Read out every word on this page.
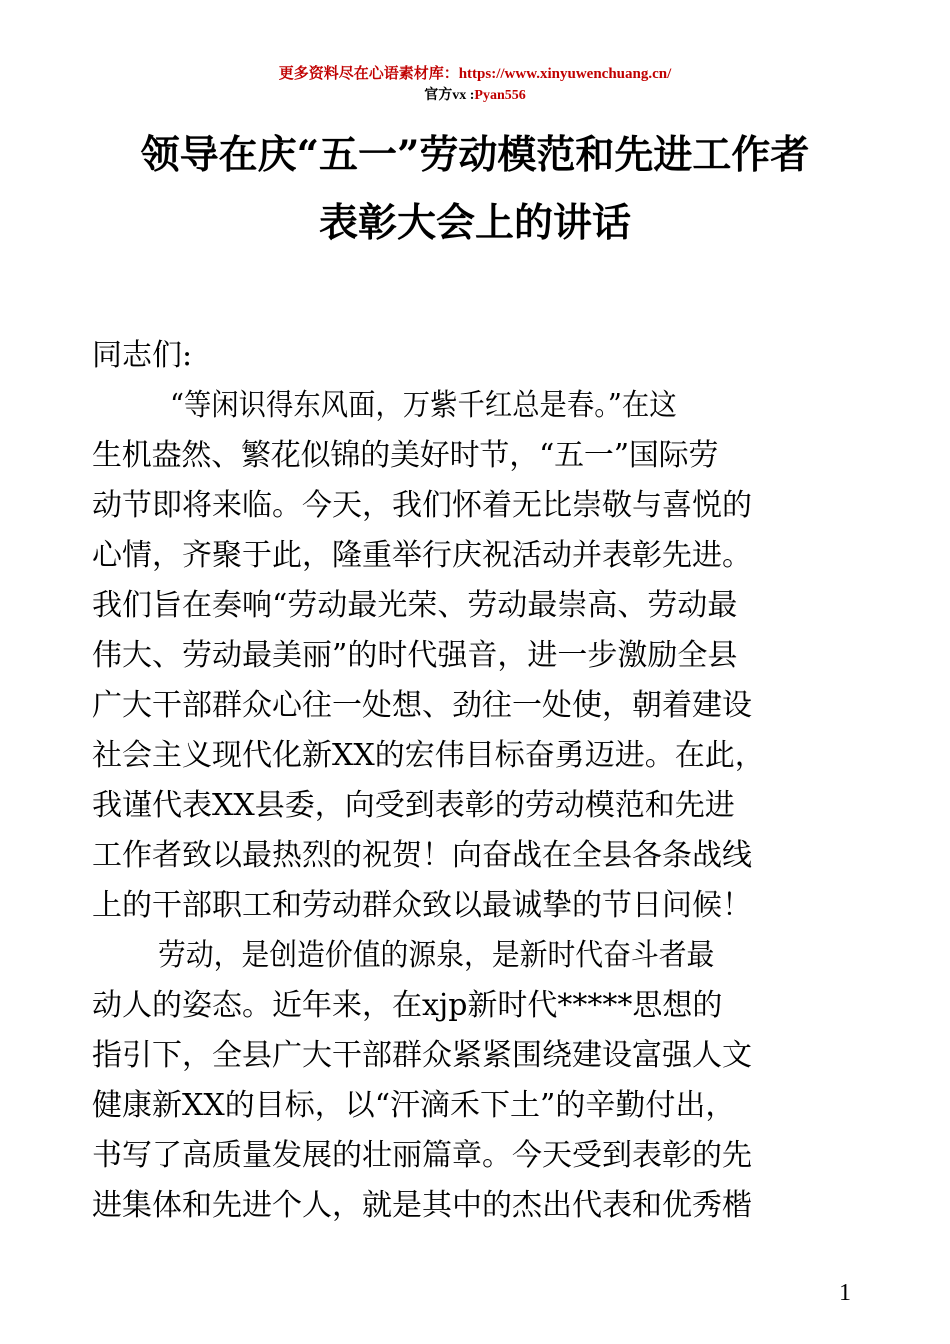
更多资料尽在心语素材库：https://www.xinyuwenchuang.cn/
官方vx :Pyan556
领导在庆“五一”劳动模范和先进工作者
表彰大会上的讲话
同志们:
“等闲识得东风面，万紫千红总是春。”在这
生机盎然、繁花似锦的美好时节，“五一”国际劳
动节即将来临。今天，我们怀着无比崇敬与喜悦的
心情，齐聚于此，隆重举行庆祝活动并表彰先进。
我们旨在奏响“劳动最光荣、劳动最崇高、劳动最
伟大、劳动最美丽”的时代强音，进一步激励全县
广大干部群众心往一处想、劲往一处使，朝着建设
社会主义现代化新XX的宏伟目标奋勇迈进。在此，
我谨代表XX县委，向受到表彰的劳动模范和先进
工作者致以最热烈的祝贺！向奋战在全县各条战线
上的干部职工和劳动群众致以最诚挚的节日问候！
劳动，是创造价值的源泉，是新时代奋斗者最
动人的姿态。近年来，在xjp新时代*****思想的
指引下，全县广大干部群众紧紧围绕建设富强人文
健康新XX的目标，以“汗滴禾下土”的辛勤付出，
书写了高质量发展的壮丽篇章。今天受到表彰的先
进集体和先进个人，就是其中的杰出代表和优秀楷
1
